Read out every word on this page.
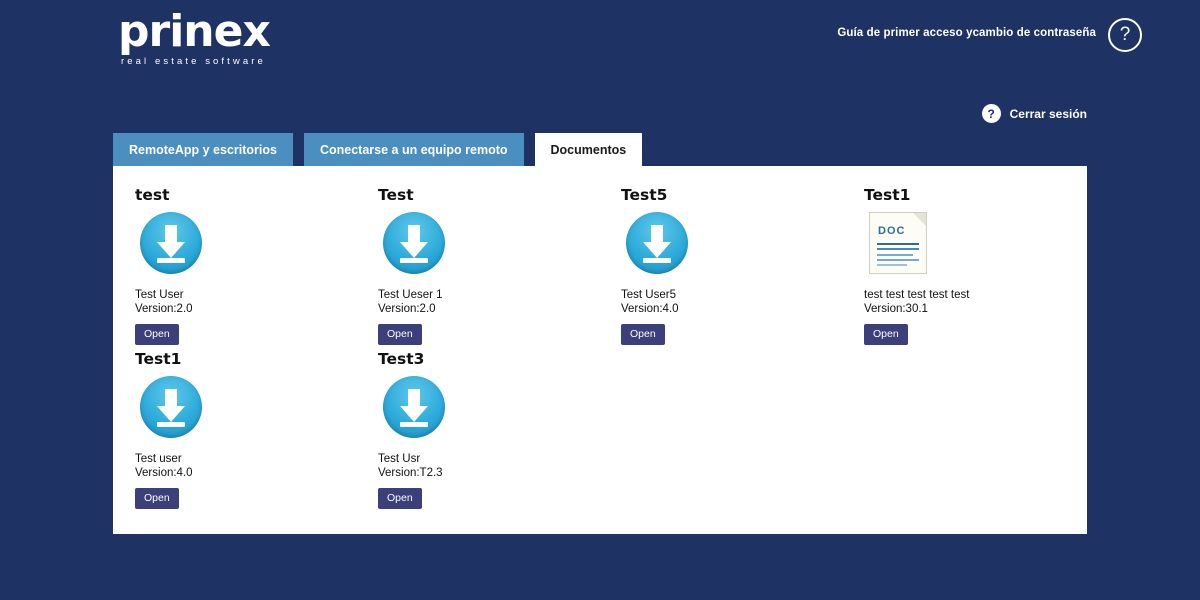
prinex
real estate software
Guía de primer acceso ycambio de contraseña	?
?	Cerrar sesión
RemoteApp y escritorios	Conectarse a un equipo remoto	Documentos
test
Test User
Version:2.0
Open
Test
Test Ueser 1
Version:2.0
Open
Test5
Test User5
Version:4.0
Open
Test1
DOC
test test test test test
Version:30.1
Open
Test1
Test user
Version:4.0
Open
Test3
Test Usr
Version:T2.3
Open
